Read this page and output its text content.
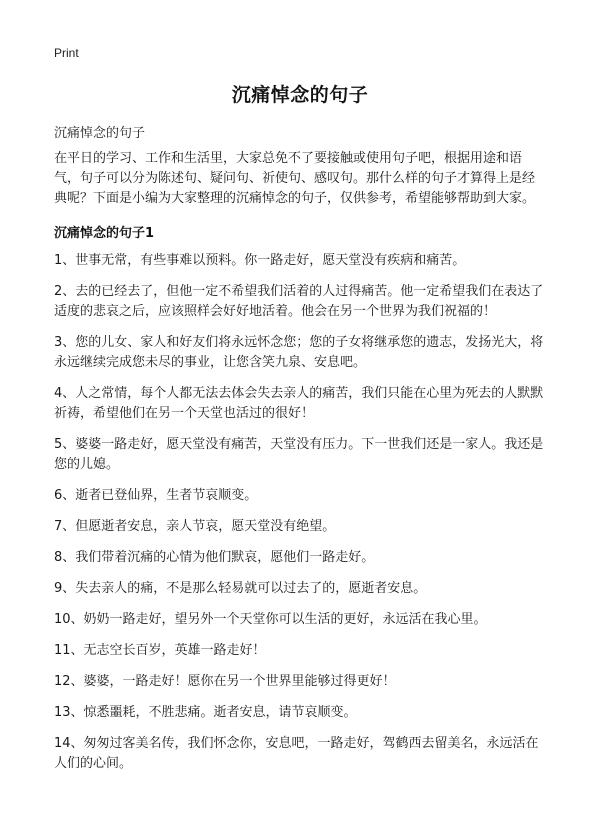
Print
沉痛悼念的句子
沉痛悼念的句子

在平日的学习、工作和生活里，大家总免不了要接触或使用句子吧，根据用途和语气，句子可以分为陈述句、疑问句、祈使句、感叹句。那什么样的句子才算得上是经典呢？下面是小编为大家整理的沉痛悼念的句子，仅供参考，希望能够帮助到大家。

沉痛悼念的句子1

1、世事无常，有些事难以预料。你一路走好，愿天堂没有疾病和痛苦。

2、去的已经去了，但他一定不希望我们活着的人过得痛苦。他一定希望我们在表达了适度的悲哀之后，应该照样会好好地活着。他会在另一个世界为我们祝福的！

3、您的儿女、家人和好友们将永远怀念您；您的子女将继承您的遗志，发扬光大，将永远继续完成您未尽的事业，让您含笑九泉、安息吧。

4、人之常情，每个人都无法去体会失去亲人的痛苦，我们只能在心里为死去的人默默祈祷，希望他们在另一个天堂也活过的很好！

5、婆婆一路走好，愿天堂没有痛苦，天堂没有压力。下一世我们还是一家人。我还是您的儿媳。

6、逝者已登仙界，生者节哀顺变。

7、但愿逝者安息，亲人节哀，愿天堂没有绝望。

8、我们带着沉痛的心情为他们默哀，愿他们一路走好。

9、失去亲人的痛，不是那么轻易就可以过去了的，愿逝者安息。

10、奶奶一路走好，望另外一个天堂你可以生活的更好，永远活在我心里。

11、无志空长百岁，英雄一路走好！

12、婆婆，一路走好！愿你在另一个世界里能够过得更好！

13、惊悉噩耗，不胜悲痛。逝者安息，请节哀顺变。

14、匆匆过客美名传，我们怀念你，安息吧，一路走好，驾鹤西去留美名，永远活在人们的心间。
